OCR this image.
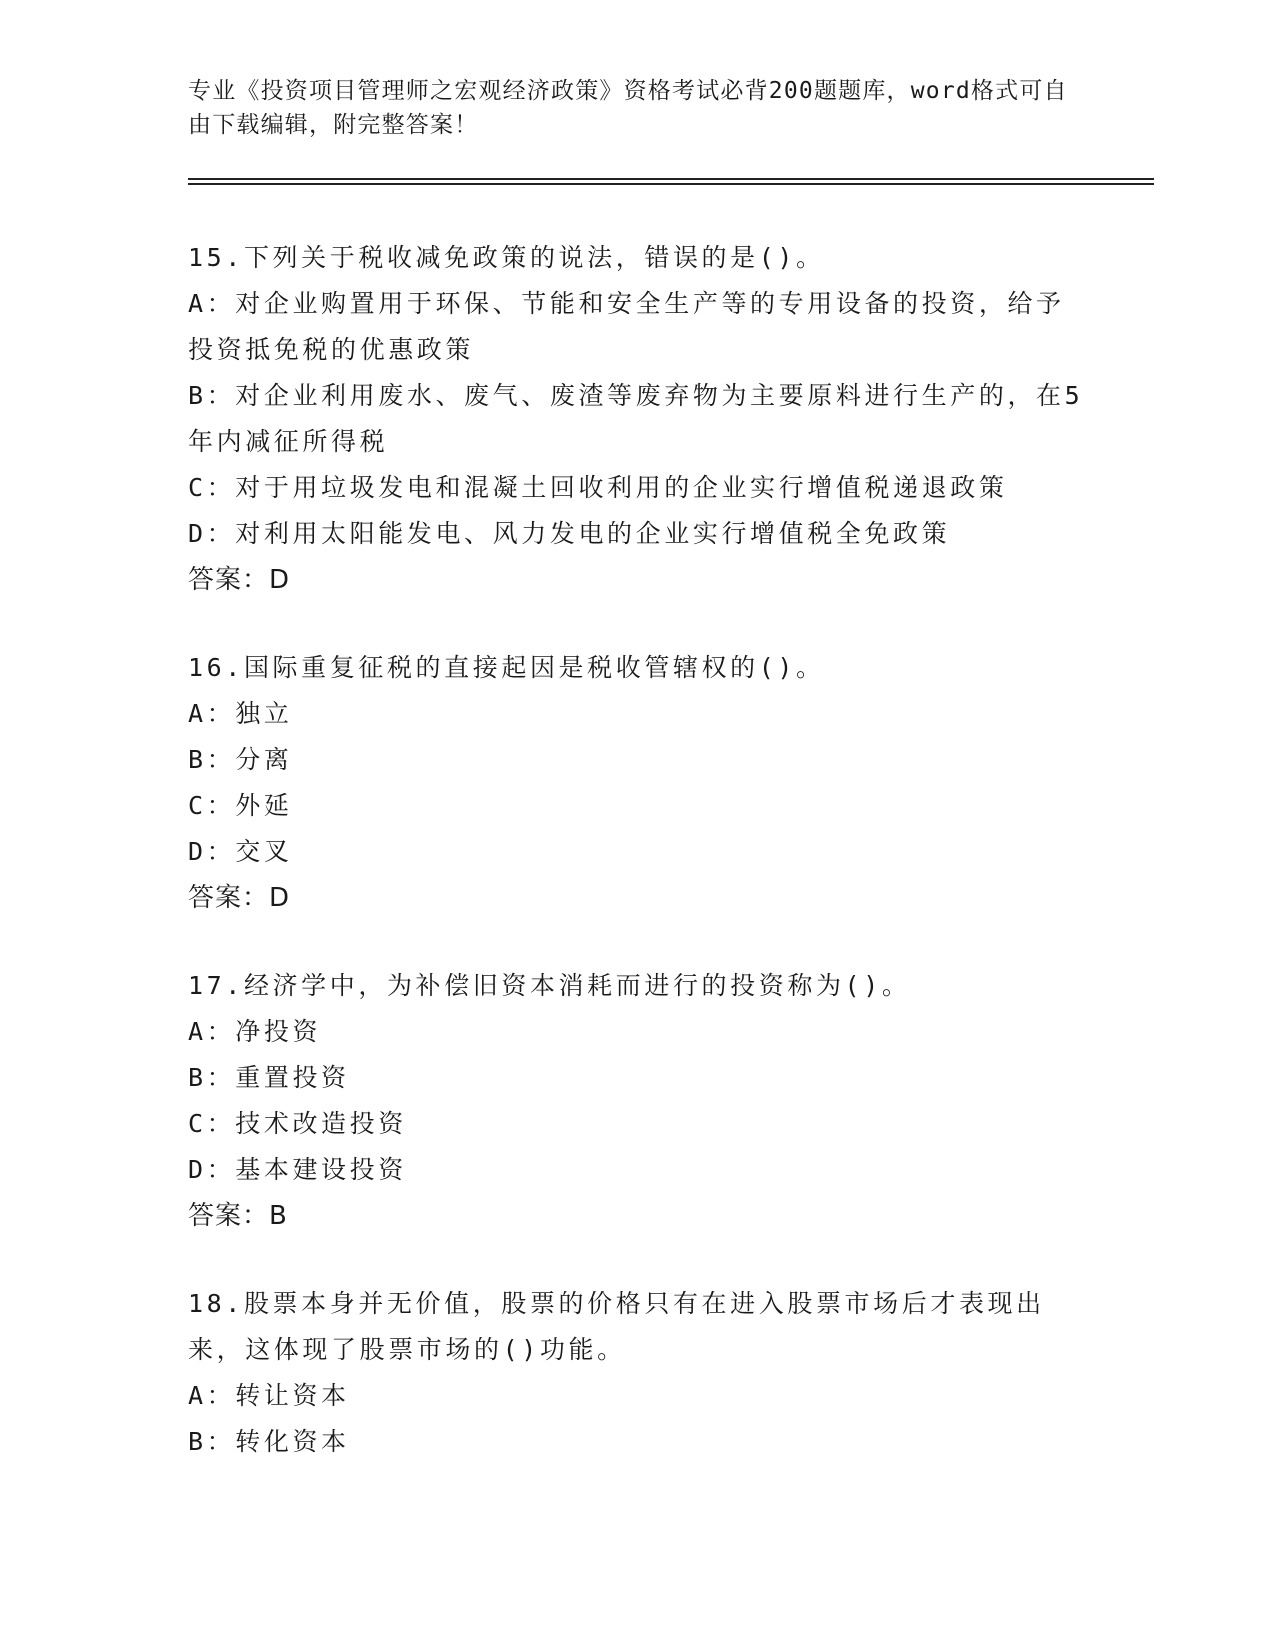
专业《投资项目管理师之宏观经济政策》资格考试必背200题题库，word格式可自由下载编辑，附完整答案！
15.下列关于税收减免政策的说法，错误的是()。
A：对企业购置用于环保、节能和安全生产等的专用设备的投资，给予投资抵免税的优惠政策
B：对企业利用废水、废气、废渣等废弃物为主要原料进行生产的，在5年内减征所得税
C：对于用垃圾发电和混凝土回收利用的企业实行增值税递退政策
D：对利用太阳能发电、风力发电的企业实行增值税全免政策
答案：D
16.国际重复征税的直接起因是税收管辖权的()。
A：独立
B：分离
C：外延
D：交叉
答案：D
17.经济学中，为补偿旧资本消耗而进行的投资称为()。
A：净投资
B：重置投资
C：技术改造投资
D：基本建设投资
答案：B
18.股票本身并无价值，股票的价格只有在进入股票市场后才表现出来，这体现了股票市场的()功能。
A：转让资本
B：转化资本
